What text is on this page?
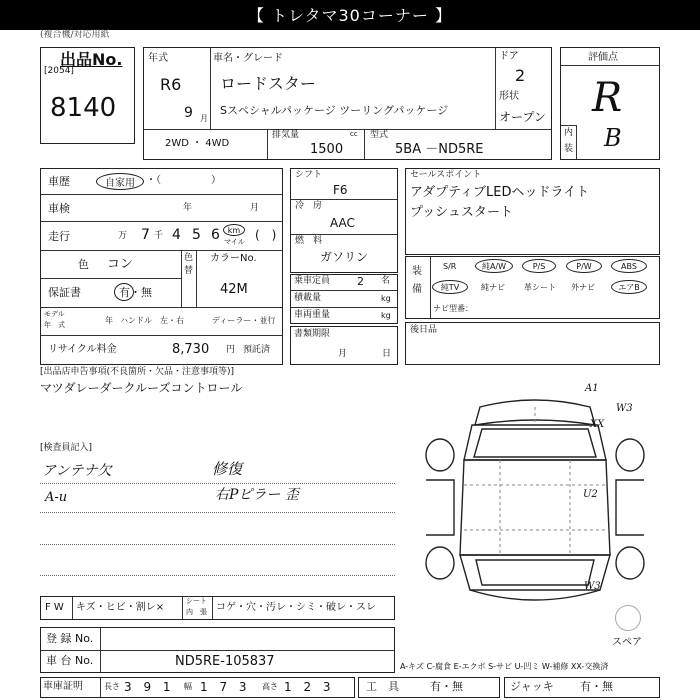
【 トレタマ30コーナー 】
(複合機/対応用紙
出品No.
[2054]
8140
年式
R6
9 月
車名・グレード
ロードスター
Sスペシャルパッケージ ツーリングパッケージ
ドア
2
形状
オープン
2WD ・ 4WD
排気量	cc
1500
型式
5BA －ND5RE
評価点
R
内
装 B
車歴	自家用	・（　　　　　）
車検	年	月
走行	万 7 千 4 5 6 km
マイル (　)
色 コン	色
替
カラーNo.
42M
保証書	有・無
モデル
年　式	年 ハンドル　左・右	ディーラー・並行
リサイクル料金	8,730 円 預託済
シフト
F6
冷　房
AAC
燃　料
ガソリン
乗車定員 2 名
積載量	kg
車両重量	kg
書類期限
月	日
セールスポイント
アダプティブLEDヘッドライト
プッシュスタート
装
備
S/R	純A/W	P/S	P/W	ABS
純TV	純ナビ 革シート 外ナビ	エアB
ナビ型番：
後日品
[出品店申告事項(不良箇所・欠品・注意事項等)]
マツダレーダークルーズコントロール
[検査員記入]
アンテナ欠	修復
A-u	右Pピラー 歪
A1
W3
XX
U2
W3
スペア
F W キズ・ヒビ・割レ×
シート
内　張 コゲ・穴・汚レ・シミ・破レ・スレ
登 録 No.
車 台 No.	ND5RE-105837	A-キズ C-腐食 E-エクボ S-サビ U-凹ミ W-補修 XX-交換済
車庫証明	長さ 3 9 1 幅 1 7 3 高さ 1 2 3	工　具	有・無	ジャッキ 有・無
